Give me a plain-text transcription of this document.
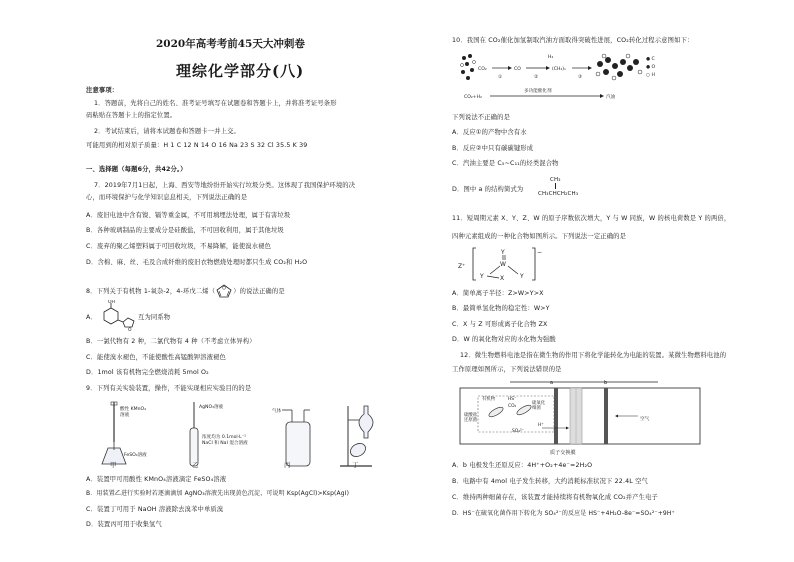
2020年高考考前45天大冲刺卷
理综化学部分(八)
注意事项：
1．答题前，先将自己的姓名、准考证号填写在试题卷和答题卡上，并将准考证号条形
码粘贴在答题卡上的指定位置。
2．考试结束后，请将本试题卷和答题卡一并上交。
可能用到的相对原子质量：H 1 C 12 N 14 O 16 Na 23 S 32 Cl 35.5 K 39
一、选择题（每题6分，共42分。）
7．2019年7月1日起，上海、西安等地纷纷开始实行垃圾分类。这体现了我国保护环境的决
心，而环境保护与化学知识息息相关，下列说法正确的是
A．废旧电池中含有镍、镉等重金属，不可用填埋法处理，属于有害垃圾
B．各种玻璃制品的主要成分是硅酸盐，不可回收利用，属于其他垃圾
C．废弃的聚乙烯塑料属于可回收垃圾，不易降解，能使溴水褪色
D．含棉、麻、丝、毛及合成纤维的废旧衣物燃烧处理时都只生成 CO₂和 H₂O
8．下列关于有机物 1-氧杂-2，4-环戊二烯（ O ）的说法正确的是
A．
OH
O
互为同系物
B．一氯代物有 2 种，二氯代物有 4 种（不考虑立体异构）
C．能使溴水褪色，不能使酸性高锰酸钾溶液褪色
D．1mol 该有机物完全燃烧消耗 5mol O₂
9．下列有关实验装置，操作，不能实现相应实验目的的是
酸性 KMnO₄
溶液
FeSO₄溶液
AgNO₃溶液
浓度均为 0.1mol·L⁻¹
NaCl 和 NaI 混合溶液
气体
甲	乙	丙	丁
A．装置甲可用酸性 KMnO₄溶液滴定 FeSO₄溶液
B．用装置乙进行实验时若逐滴滴加 AgNO₃溶液先出现黄色沉淀，可说明 Ksp(AgCl)>Ksp(AgI)
C．装置丁可用于 NaOH 溶液除去溴苯中单质溴
D．装置丙可用于收集氢气
10．我国在 CO₂催化加氢制取汽油方面取得突破性进展，CO₂转化过程示意图如下：
CO₂
①
CO
H₂
②
(CH₂)ₙ
③
● C
● O
○ H
CO₂+H₂
多功能催化剂
汽油
下列说法不正确的是
A．反应①的产物中含有水
B．反应②中只有碳碳键形成
C．汽油主要是 C₅~C₁₁的烃类混合物
D．图中 a 的结构简式为
CH₃
CH₃CHCH₂CH₃
11．短周期元素 X、Y、Z、W 的原子序数依次增大，Y 与 W 同族，W 的核电荷数是 Y 的两倍，
四种元素组成的一种化合物如图所示。下列说法一定正确的是
Z⁺
−
Y
W
Y	Y
X
A．简单离子半径：Z>W>Y>X
B．最简单氢化物的稳定性：W>Y
C．X 与 Z 可形成离子化合物 ZX
D．W 的氧化物对应的水化物为强酸
12．微生物燃料电池是指在微生物的作用下将化学能转化为电能的装置。某微生物燃料电池的
工作原理如图所示，下列说法错误的是
a	b
有机物
硫酸盐
还原菌
HS⁻
CO₂
硫氧化
细菌
SO₄²⁻
H⁺
空气
质子交换膜
A．b 电极发生还原反应：4H⁺+O₂+4e⁻=2H₂O
B．电路中有 4mol 电子发生转移，大约消耗标准状况下 22.4L 空气
C．维持两种细菌存在，该装置才能持续将有机物氧化成 CO₂并产生电子
D．HS⁻在硫氧化菌作用下转化为 SO₄²⁻的反应是 HS⁻+4H₂O-8e⁻=SO₄²⁻+9H⁺
